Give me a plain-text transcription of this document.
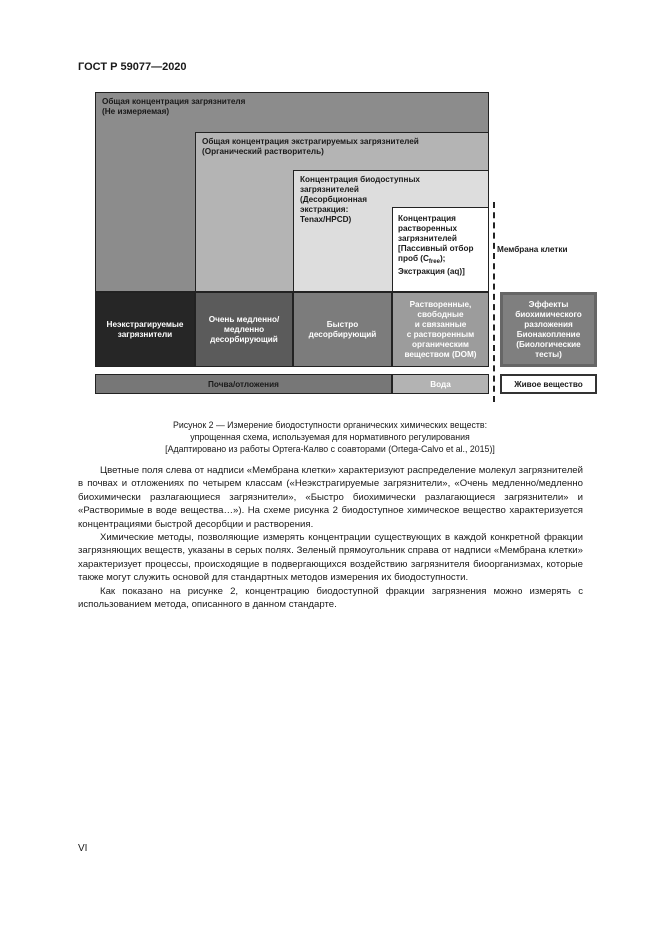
ГОСТ Р 59077—2020
Общая концентрация загрязнителя
(Не измеряемая)
Общая концентрация экстрагируемых загрязнителей
(Органический растворитель)
Концентрация биодоступных
загрязнителей
(Десорбционная
экстракция:
Tenax/HPCD)	Концентрация
растворенных
загрязнителей
[Пассивный отбор
проб $(C_{free})$;
Экстракция (aq)]
Неэкстрагируемые
загрязнители
Очень медленно/
медленно
десорбирующий
Быстро
десорбирующий
Растворенные,
свободные
и связанные
с растворенным
органическим
веществом (DOM)
Мембрана клетки
Эффекты
биохимического
разложения
Бионакопление
(Биологические
тесты)
Почва/отложения	Вода	Живое вещество
Рисунок 2 — Измерение биодоступности органических химических веществ:
упрощенная схема, используемая для нормативного регулирования
[Адаптировано из работы Ортега-Калво с соавторами (Ortega-Calvo et al., 2015)]

Цветные поля слева от надписи «Мембрана клетки» характеризуют распределение молекул загрязнителей в почвах и отложениях по четырем классам («Неэкстрагируемые загрязнители», «Очень медленно/медленно биохимически разлагающиеся загрязнители», «Быстро биохимически разлагающиеся загрязнители» и «Растворимые в воде вещества…»). На схеме рисунка 2 биодоступное химическое вещество характеризуется концентрациями быстрой десорбции и растворения.

Химические методы, позволяющие измерять концентрации существующих в каждой конкретной фракции загрязняющих веществ, указаны в серых полях. Зеленый прямоугольник справа от надписи «Мембрана клетки» характеризует процессы, происходящие в подвергающихся воздействию загрязнителя биоорганизмах, которые также могут служить основой для стандартных методов измерения их биодоступности.

Как показано на рисунке 2, концентрацию биодоступной фракции загрязнения можно измерять с использованием метода, описанного в данном стандарте.

VI
